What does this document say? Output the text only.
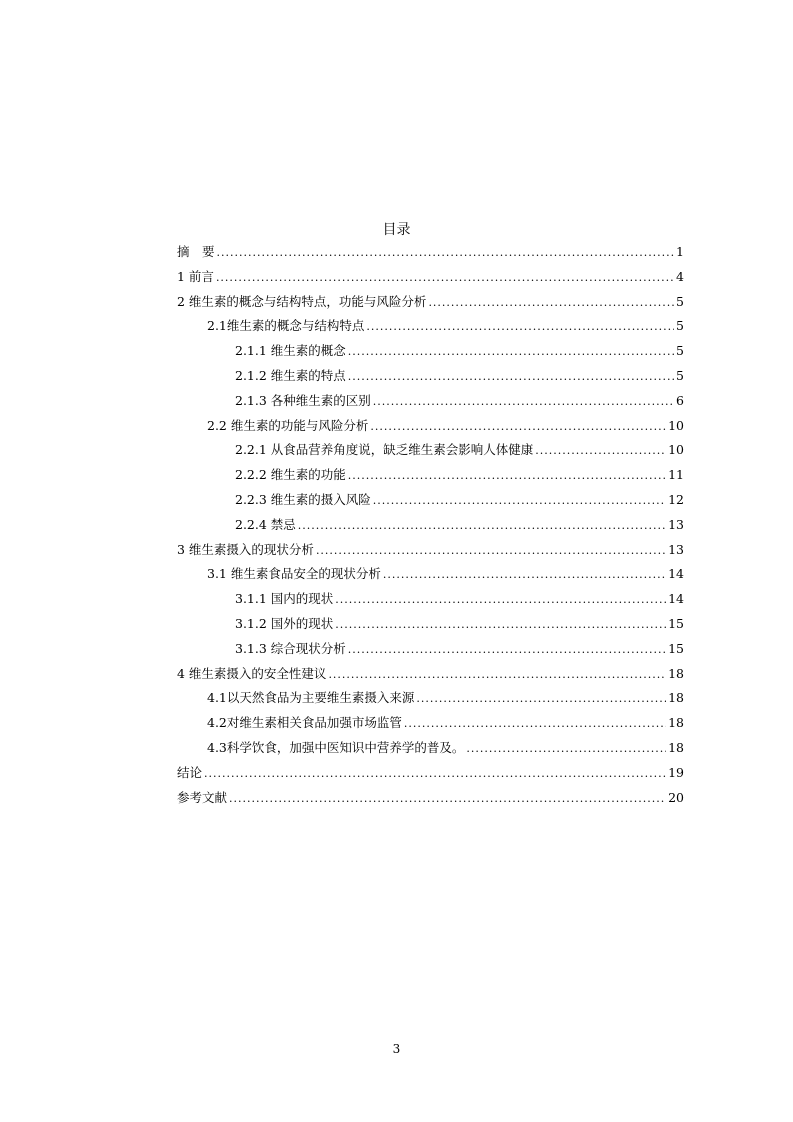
目录
摘　要 .....	1
1 前言 .....	4
2 维生素的概念与结构特点，功能与风险分析 .....	5
2.1维生素的概念与结构特点 .....	5
2.1.1 维生素的概念 .....	5
2.1.2 维生素的特点 .....	5
2.1.3 各种维生素的区别 .....	6
2.2 维生素的功能与风险分析 .....	10
2.2.1 从食品营养角度说，缺乏维生素会影响人体健康 .....	10
2.2.2 维生素的功能 .....	11
2.2.3 维生素的摄入风险 .....	12
2.2.4 禁忌 .....	13
3 维生素摄入的现状分析 .....	13
3.1 维生素食品安全的现状分析 .....	14
3.1.1 国内的现状 .....	14
3.1.2 国外的现状 .....	15
3.1.3 综合现状分析 .....	15
4 维生素摄入的安全性建议 .....	18
4.1以天然食品为主要维生素摄入来源 .....	18
4.2对维生素相关食品加强市场监管 .....	18
4.3科学饮食，加强中医知识中营养学的普及。 .....	18
结论 .....	19
参考文献 .....	20
3
